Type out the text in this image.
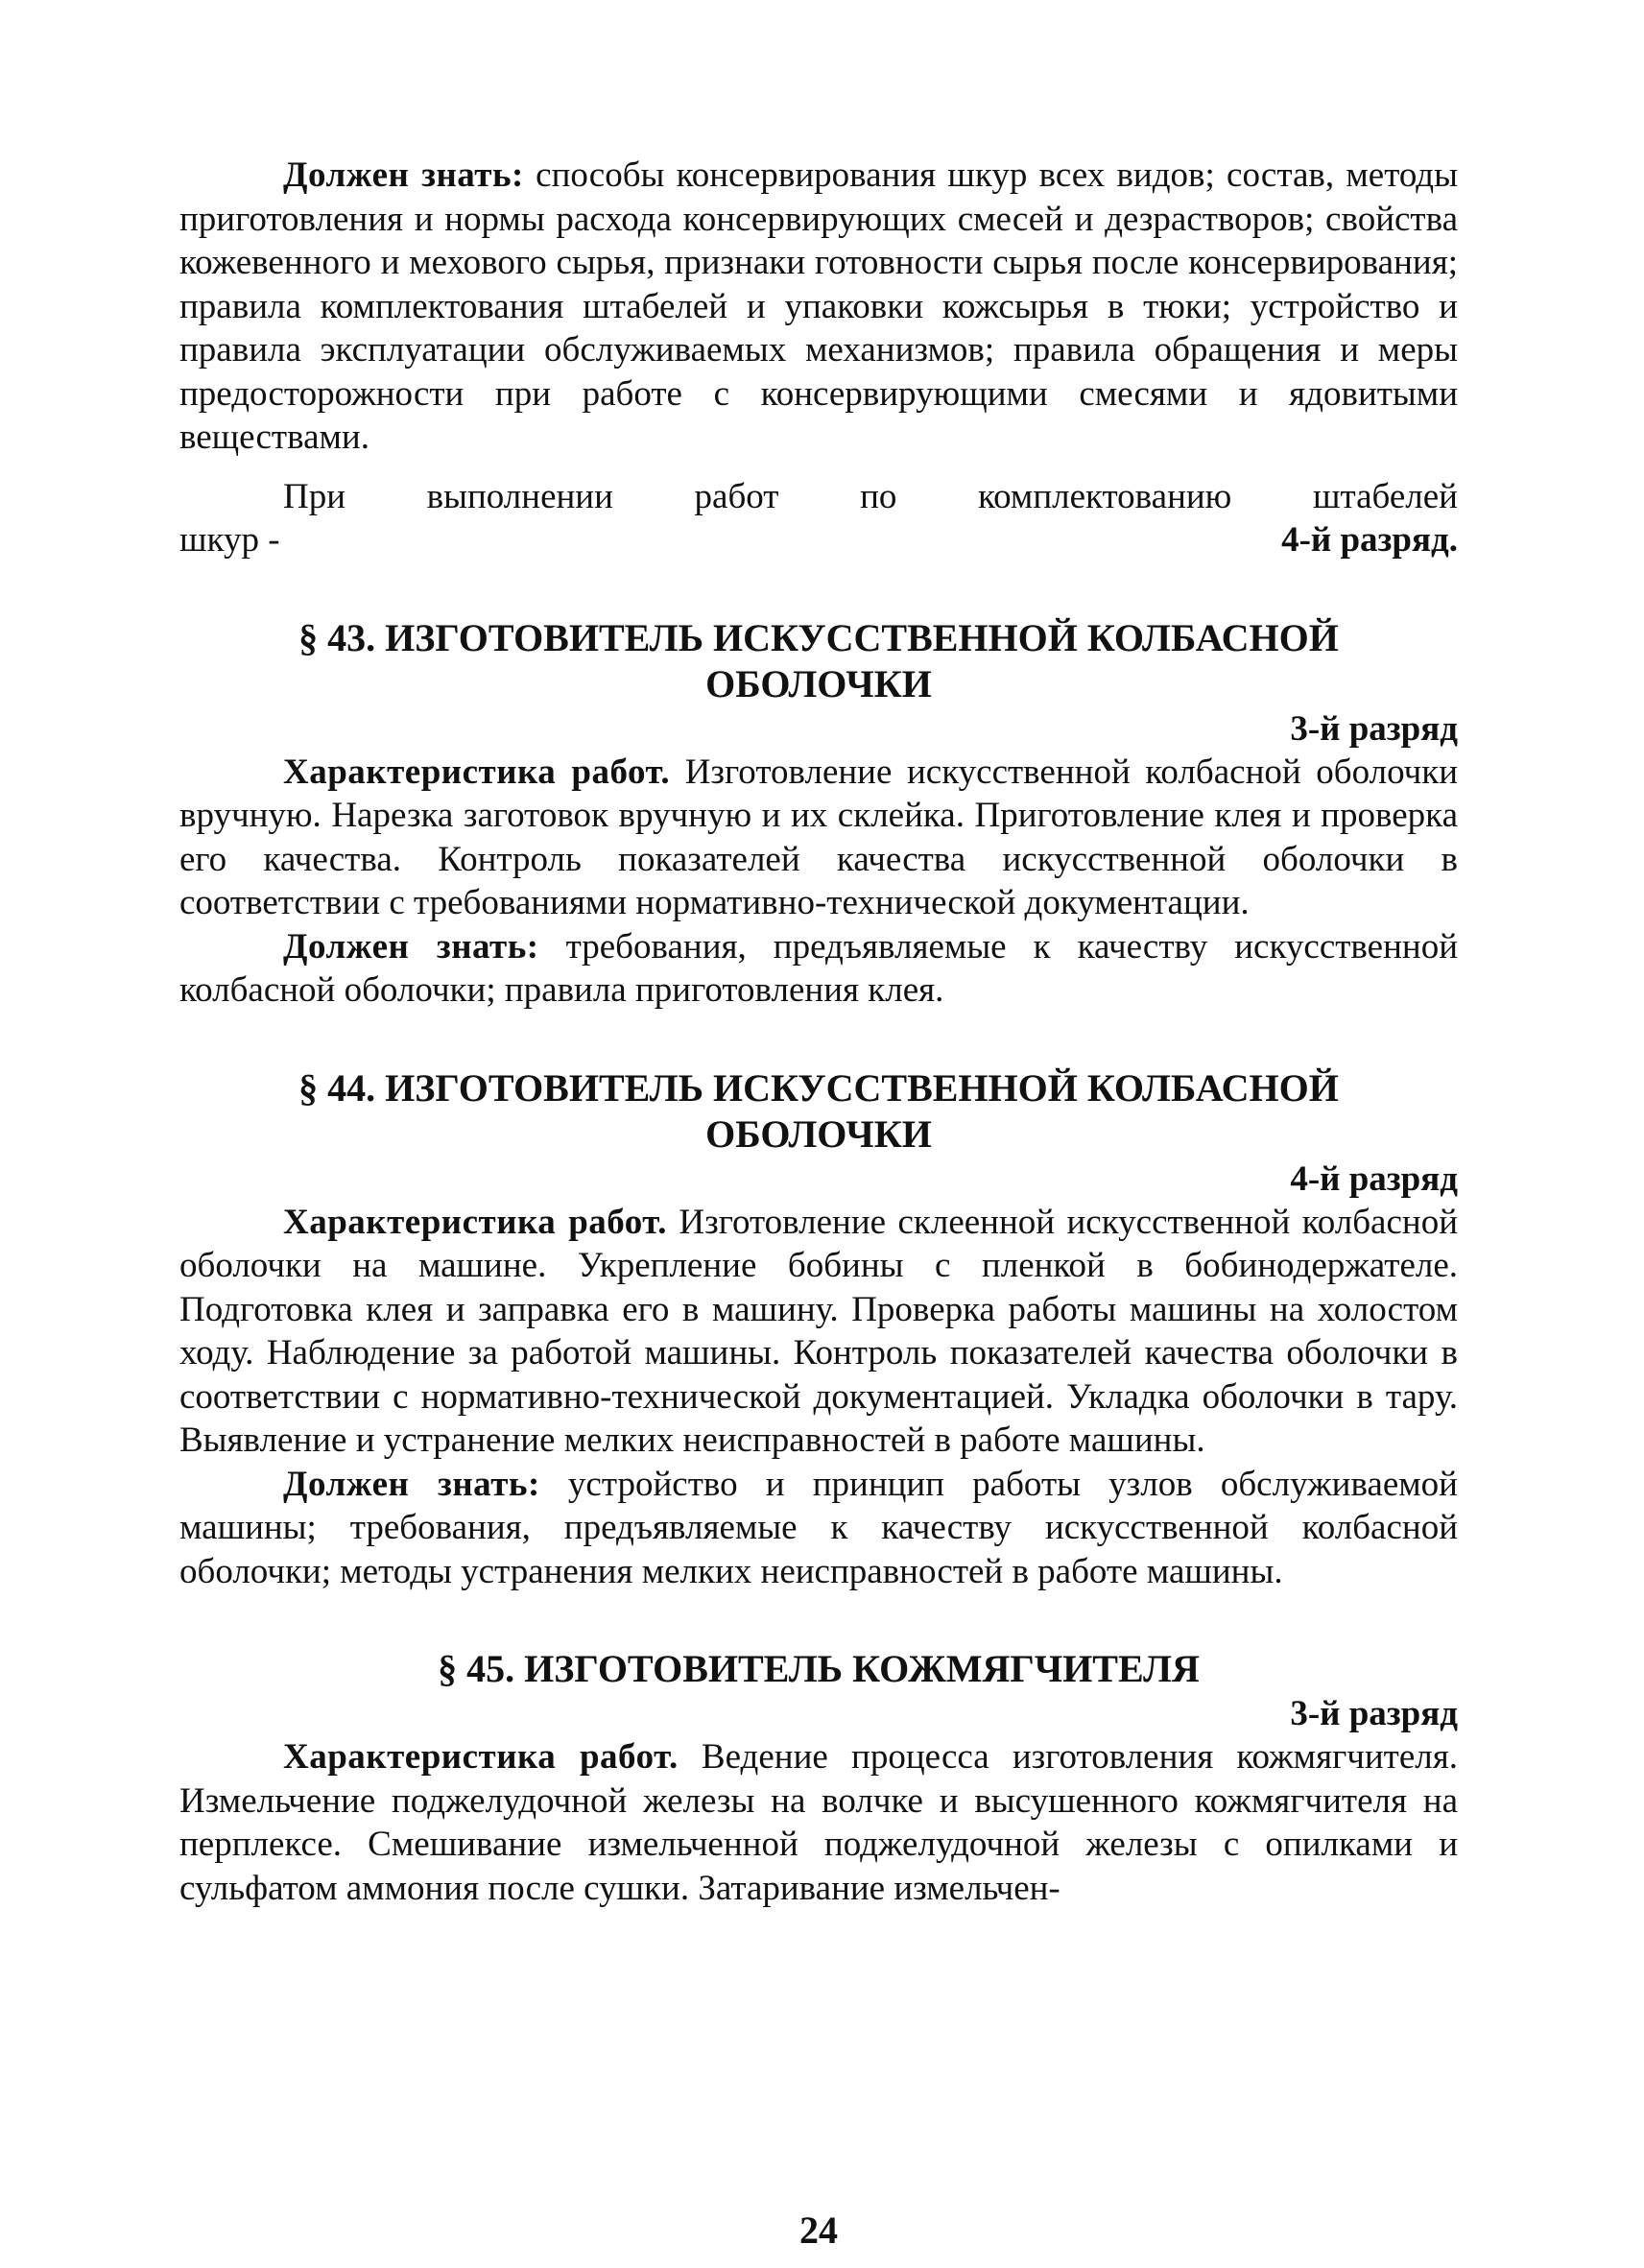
Должен знать: способы консервирования шкур всех видов; состав, методы приготовления и нормы расхода консервирующих смесей и дезрастворов; свойства кожевенного и мехового сырья, признаки готовности сырья после консервирования; правила комплектования штабелей и упаковки кожсырья в тюки; устройство и правила эксплуатации обслуживаемых механизмов; правила обращения и меры предосторожности при работе с консервирующими смесями и ядовитыми веществами.

При выполнении работ по комплектованию штабелей
шкур -	4-й разряд.
§ 43. ИЗГОТОВИТЕЛЬ ИСКУССТВЕННОЙ КОЛБАСНОЙ
ОБОЛОЧКИ
3-й разряд

Характеристика работ. Изготовление искусственной колбасной оболочки вручную. Нарезка заготовок вручную и их склейка. Приготовление клея и проверка его качества. Контроль показателей качества искусственной оболочки в соответствии с требованиями нормативно-технической документации.

Должен знать: требования, предъявляемые к качеству искусственной колбасной оболочки; правила приготовления клея.

§ 44. ИЗГОТОВИТЕЛЬ ИСКУССТВЕННОЙ КОЛБАСНОЙ
ОБОЛОЧКИ
4-й разряд

Характеристика работ. Изготовление склеенной искусственной колбасной оболочки на машине. Укрепление бобины с пленкой в бобинодержателе. Подготовка клея и заправка его в машину. Проверка работы машины на холостом ходу. Наблюдение за работой машины. Контроль показателей качества оболочки в соответствии с нормативно-технической документацией. Укладка оболочки в тару. Выявление и устранение мелких неисправностей в работе машины.

Должен знать: устройство и принцип работы узлов обслуживаемой машины; требования, предъявляемые к качеству искусственной колбасной оболочки; методы устранения мелких неисправностей в работе машины.

§ 45. ИЗГОТОВИТЕЛЬ КОЖМЯГЧИТЕЛЯ
3-й разряд

Характеристика работ. Ведение процесса изготовления кожмягчителя. Измельчение поджелудочной железы на волчке и высушенного кожмягчителя на перплексе. Смешивание измельченной поджелудочной железы с опилками и сульфатом аммония после сушки. Затаривание измельчен-

24
